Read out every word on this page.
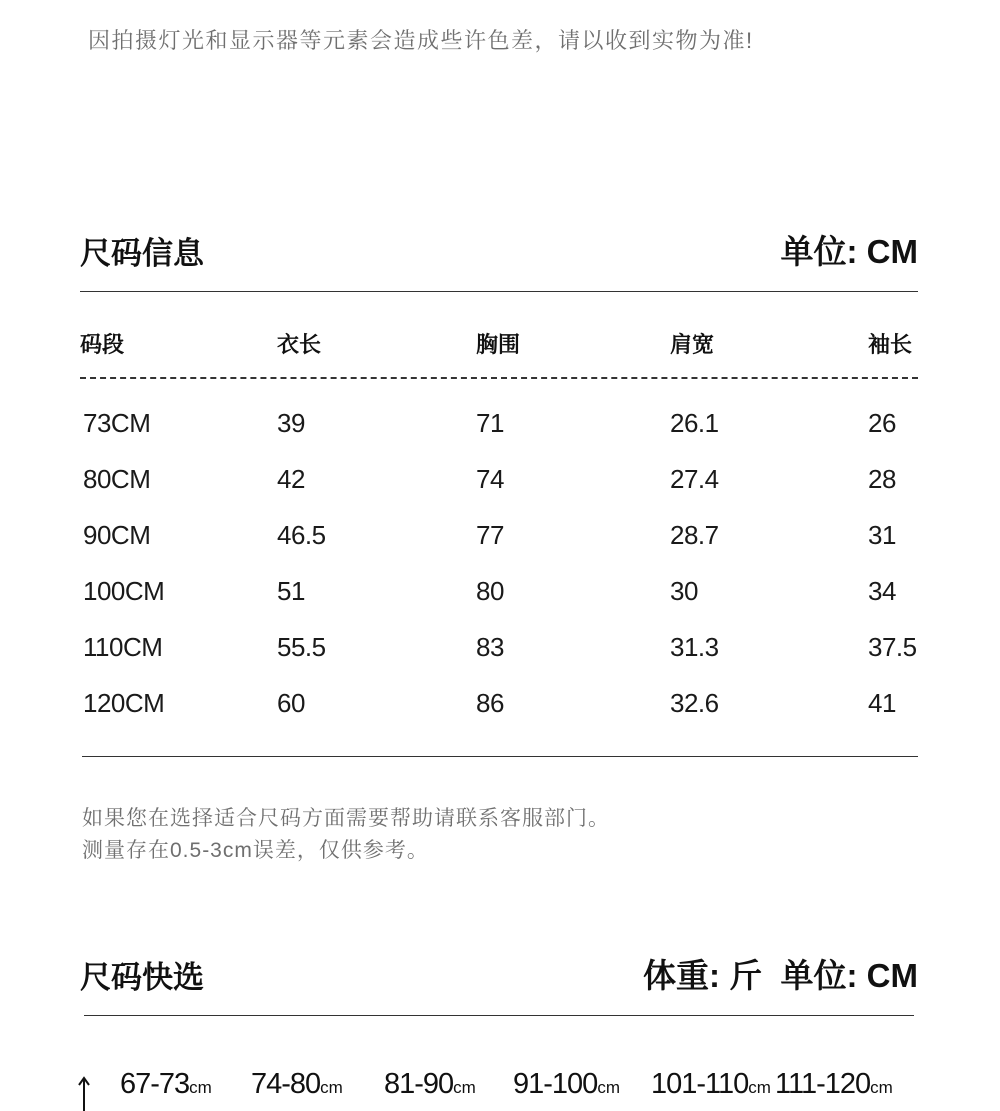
因拍摄灯光和显示器等元素会造成些许色差，请以收到实物为准!
尺码信息	单位: CM
码段	衣长	胸围	肩宽	袖长
73CM	39	71	26.1	26
80CM	42	74	27.4	28
90CM	46.5	77	28.7	31
100CM	51	80	30	34
110CM	55.5	83	31.3	37.5
120CM	60	86	32.6	41
如果您在选择适合尺码方面需要帮助请联系客服部门。
测量存在0.5-3cm误差，仅供参考。
尺码快选	体重: 斤  单位: CM
67-73cm 74-80cm 81-90cm 91-100cm 101-110cm 111-120cm
